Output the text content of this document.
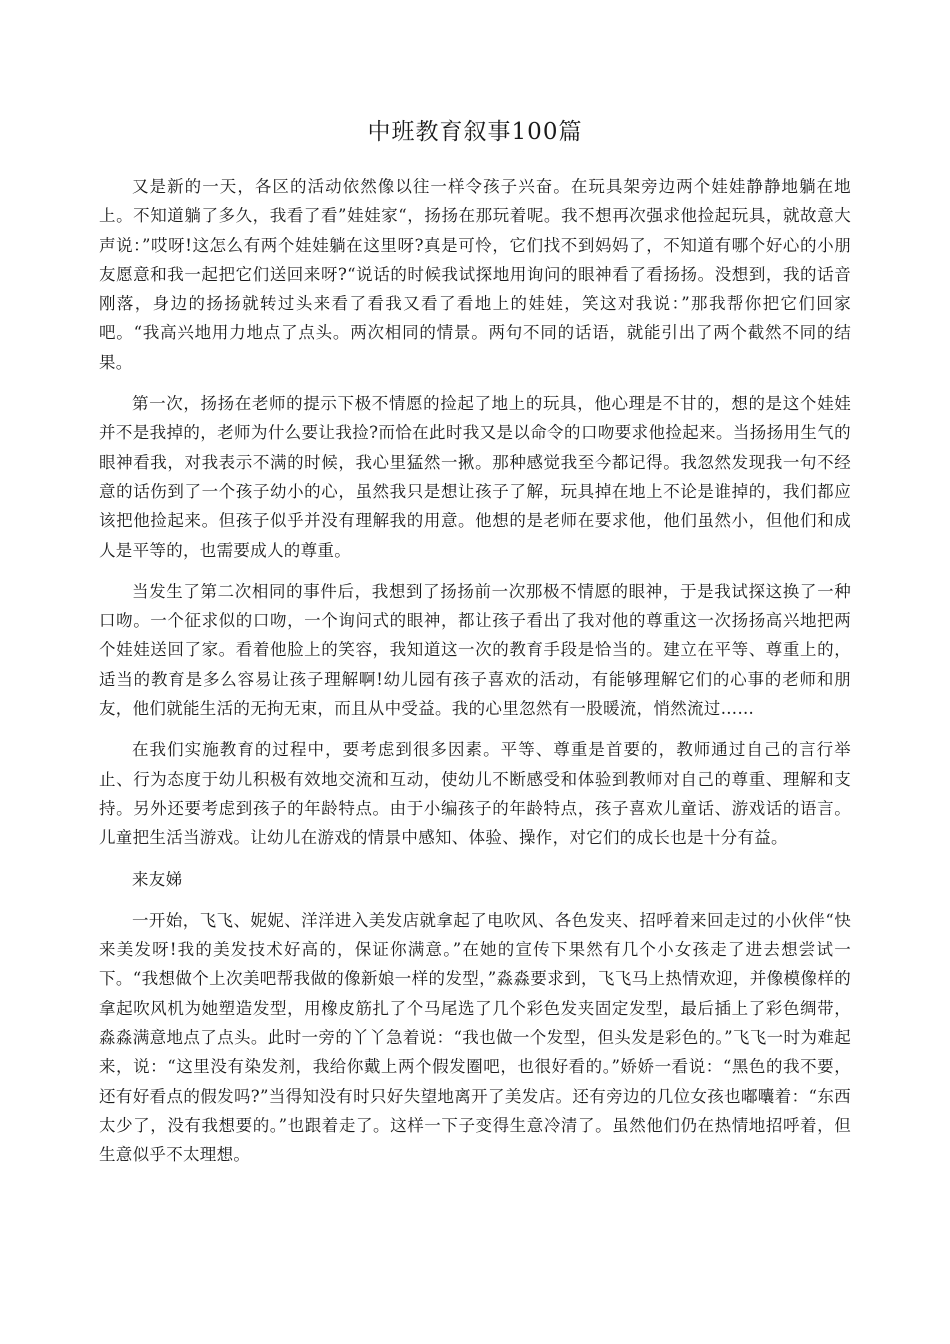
中班教育叙事100篇

又是新的一天，各区的活动依然像以往一样令孩子兴奋。在玩具架旁边两个娃娃静静地躺在地上。不知道躺了多久，我看了看”娃娃家“，扬扬在那玩着呢。我不想再次强求他捡起玩具，就故意大声说：”哎呀!这怎么有两个娃娃躺在这里呀?真是可怜，它们找不到妈妈了，不知道有哪个好心的小朋友愿意和我一起把它们送回来呀?“说话的时候我试探地用询问的眼神看了看扬扬。没想到，我的话音刚落，身边的扬扬就转过头来看了看我又看了看地上的娃娃，笑这对我说：”那我帮你把它们回家吧。“我高兴地用力地点了点头。两次相同的情景。两句不同的话语，就能引出了两个截然不同的结果。

第一次，扬扬在老师的提示下极不情愿的捡起了地上的玩具，他心理是不甘的，想的是这个娃娃并不是我掉的，老师为什么要让我捡?而恰在此时我又是以命令的口吻要求他捡起来。当扬扬用生气的眼神看我，对我表示不满的时候，我心里猛然一揪。那种感觉我至今都记得。我忽然发现我一句不经意的话伤到了一个孩子幼小的心，虽然我只是想让孩子了解，玩具掉在地上不论是谁掉的，我们都应该把他捡起来。但孩子似乎并没有理解我的用意。他想的是老师在要求他，他们虽然小，但他们和成人是平等的，也需要成人的尊重。

当发生了第二次相同的事件后，我想到了扬扬前一次那极不情愿的眼神，于是我试探这换了一种口吻。一个征求似的口吻，一个询问式的眼神，都让孩子看出了我对他的尊重这一次扬扬高兴地把两个娃娃送回了家。看着他脸上的笑容，我知道这一次的教育手段是恰当的。建立在平等、尊重上的，适当的教育是多么容易让孩子理解啊!幼儿园有孩子喜欢的活动，有能够理解它们的心事的老师和朋友，他们就能生活的无拘无束，而且从中受益。我的心里忽然有一股暖流，悄然流过……

在我们实施教育的过程中，要考虑到很多因素。平等、尊重是首要的，教师通过自己的言行举止、行为态度于幼儿积极有效地交流和互动，使幼儿不断感受和体验到教师对自己的尊重、理解和支持。另外还要考虑到孩子的年龄特点。由于小编孩子的年龄特点，孩子喜欢儿童话、游戏话的语言。儿童把生活当游戏。让幼儿在游戏的情景中感知、体验、操作，对它们的成长也是十分有益。

来友娣

一开始，飞飞、妮妮、洋洋进入美发店就拿起了电吹风、各色发夹、招呼着来回走过的小伙伴“快来美发呀!我的美发技术好高的，保证你满意。”在她的宣传下果然有几个小女孩走了进去想尝试一下。“我想做个上次美吧帮我做的像新娘一样的发型，”淼淼要求到，飞飞马上热情欢迎，并像模像样的拿起吹风机为她塑造发型，用橡皮筋扎了个马尾选了几个彩色发夹固定发型，最后插上了彩色绸带，淼淼满意地点了点头。此时一旁的丫丫急着说：“我也做一个发型，但头发是彩色的。”飞飞一时为难起来，说：“这里没有染发剂，我给你戴上两个假发圈吧，也很好看的。”娇娇一看说：“黑色的我不要，还有好看点的假发吗?”当得知没有时只好失望地离开了美发店。还有旁边的几位女孩也嘟囔着：“东西太少了，没有我想要的。”也跟着走了。这样一下子变得生意冷清了。虽然他们仍在热情地招呼着，但生意似乎不太理想。
